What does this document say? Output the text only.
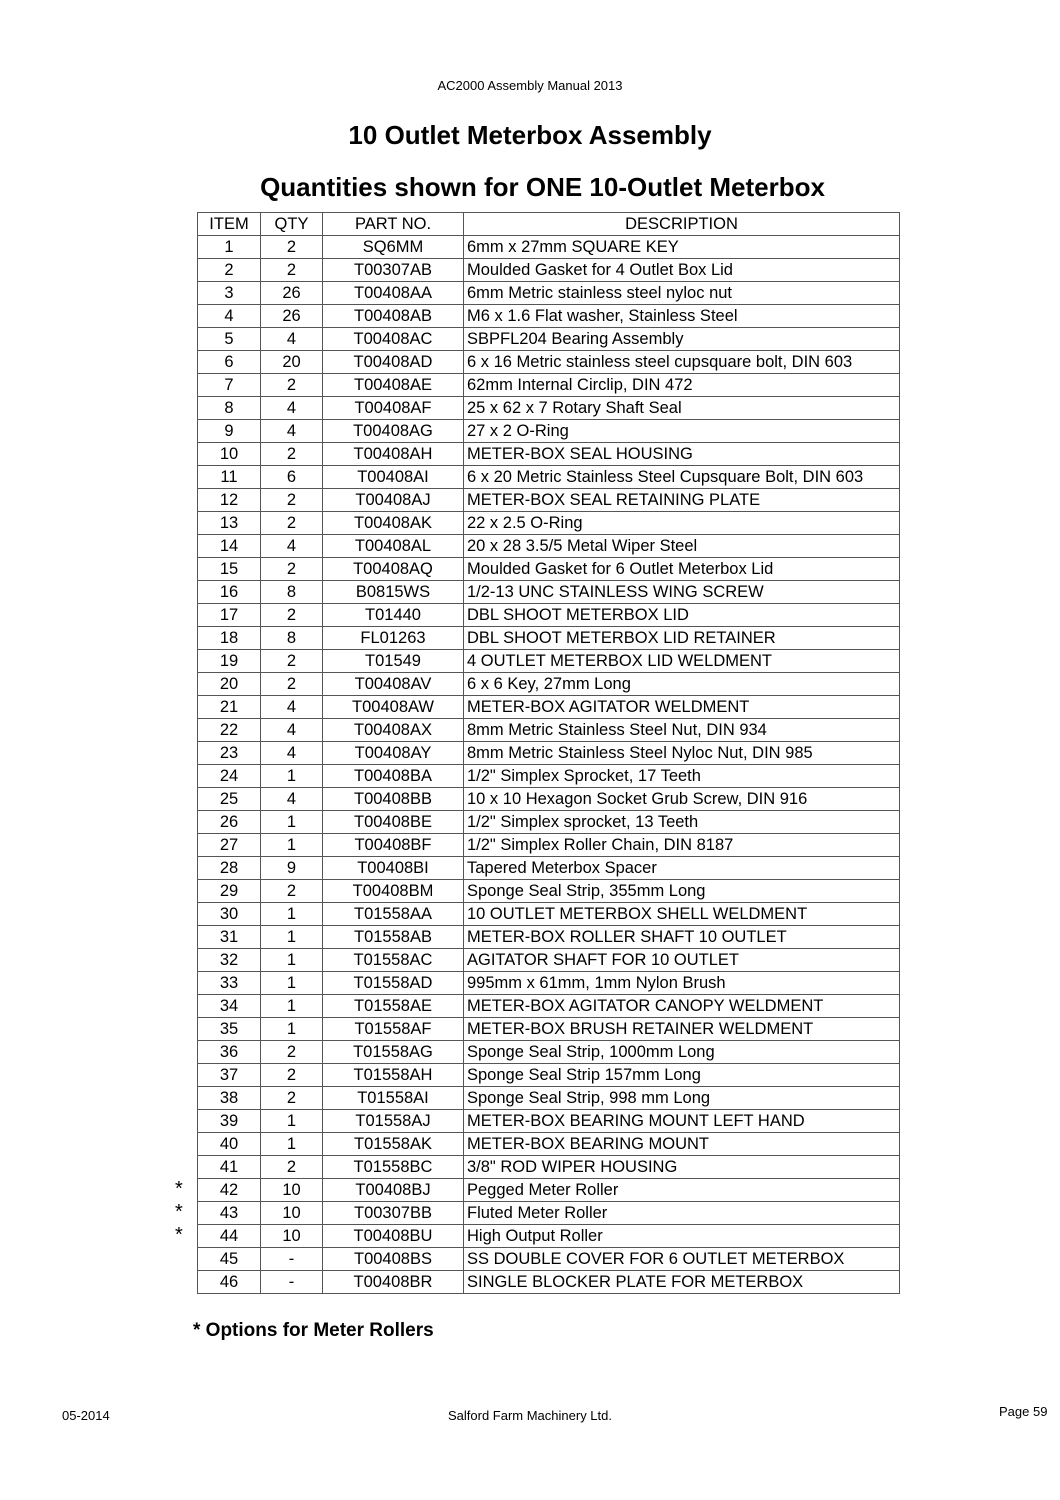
AC2000 Assembly Manual 2013
10 Outlet Meterbox Assembly
Quantities shown for ONE 10-Outlet Meterbox
ITEM	QTY	PART NO.	DESCRIPTION
1	2	SQ6MM	6mm x 27mm SQUARE KEY
2	2	T00307AB	Moulded Gasket for 4 Outlet Box Lid
3	26	T00408AA	6mm Metric stainless steel nyloc nut
4	26	T00408AB	M6 x 1.6 Flat washer, Stainless Steel
5	4	T00408AC	SBPFL204 Bearing Assembly
6	20	T00408AD	6 x 16 Metric stainless steel cupsquare bolt, DIN 603
7	2	T00408AE	62mm Internal Circlip, DIN 472
8	4	T00408AF	25 x 62 x 7 Rotary Shaft Seal
9	4	T00408AG	27 x 2 O-Ring
10	2	T00408AH	METER-BOX SEAL HOUSING
11	6	T00408AI	6 x 20 Metric Stainless Steel Cupsquare Bolt, DIN 603
12	2	T00408AJ	METER-BOX SEAL RETAINING PLATE
13	2	T00408AK	22 x 2.5 O-Ring
14	4	T00408AL	20 x 28 3.5/5 Metal Wiper Steel
15	2	T00408AQ	Moulded Gasket for 6 Outlet Meterbox Lid
16	8	B0815WS	1/2-13 UNC STAINLESS WING SCREW
17	2	T01440	DBL SHOOT METERBOX LID
18	8	FL01263	DBL SHOOT METERBOX LID RETAINER
19	2	T01549	4 OUTLET METERBOX LID WELDMENT
20	2	T00408AV	6 x 6 Key, 27mm Long
21	4	T00408AW	METER-BOX AGITATOR WELDMENT
22	4	T00408AX	8mm Metric Stainless Steel Nut, DIN 934
23	4	T00408AY	8mm Metric Stainless Steel Nyloc Nut, DIN 985
24	1	T00408BA	1/2" Simplex Sprocket, 17 Teeth
25	4	T00408BB	10 x 10 Hexagon Socket Grub Screw, DIN 916
26	1	T00408BE	1/2" Simplex sprocket, 13 Teeth
27	1	T00408BF	1/2" Simplex Roller Chain, DIN 8187
28	9	T00408BI	Tapered Meterbox Spacer
29	2	T00408BM	Sponge Seal Strip, 355mm Long
30	1	T01558AA	10 OUTLET METERBOX SHELL WELDMENT
31	1	T01558AB	METER-BOX ROLLER SHAFT 10 OUTLET
32	1	T01558AC	AGITATOR SHAFT FOR 10 OUTLET
33	1	T01558AD	995mm x 61mm, 1mm Nylon Brush
34	1	T01558AE	METER-BOX AGITATOR CANOPY WELDMENT
35	1	T01558AF	METER-BOX BRUSH RETAINER WELDMENT
36	2	T01558AG	Sponge Seal Strip, 1000mm Long
37	2	T01558AH	Sponge Seal Strip 157mm Long
38	2	T01558AI	Sponge Seal Strip, 998 mm Long
39	1	T01558AJ	METER-BOX BEARING MOUNT LEFT HAND
40	1	T01558AK	METER-BOX BEARING MOUNT
41	2	T01558BC	3/8" ROD WIPER HOUSING
42	10	T00408BJ	Pegged Meter Roller
43	10	T00307BB	Fluted Meter Roller
44	10	T00408BU	High Output Roller
45	-	T00408BS	SS DOUBLE COVER FOR 6 OUTLET METERBOX
46	-	T00408BR	SINGLE BLOCKER PLATE FOR METERBOX
*
*
*
* Options for Meter Rollers
05-2014	Salford Farm Machinery Ltd.	Page 59
